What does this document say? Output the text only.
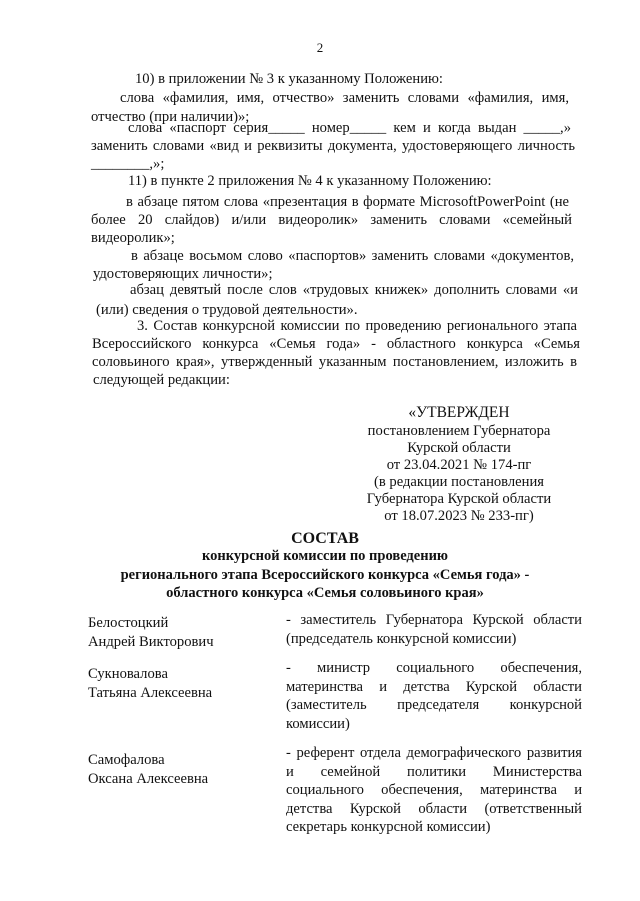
2
10) в приложении № 3 к указанному Положению:
слова «фамилия, имя, отчество» заменить словами «фамилия, имя,
отчество (при наличии)»;
слова «паспорт серия_____ номер_____ кем и когда выдан _____,»
заменить словами «вид и реквизиты документа, удостоверяющего личность
________,»;
11) в пункте 2 приложения № 4 к указанному Положению:
в абзаце пятом слова «презентация в формате MicrosoftPowerPoint (не
более 20 слайдов) и/или видеоролик» заменить словами «семейный
видеоролик»;
в абзаце восьмом слово «паспортов» заменить словами «документов,
удостоверяющих личности»;
абзац девятый после слов «трудовых книжек» дополнить словами «и
(или) сведения о трудовой деятельности».
3. Состав конкурсной комиссии по проведению регионального этапа
Всероссийского конкурса «Семья года» - областного конкурса «Семья
соловьиного края», утвержденный указанным постановлением, изложить в
следующей редакции:
«УТВЕРЖДЕН
постановлением Губернатора
Курской области
от 23.04.2021 № 174-пг
(в редакции постановления
Губернатора Курской области
от 18.07.2023 № 233-пг)
СОСТАВ
конкурсной комиссии по проведению
регионального этапа Всероссийского конкурса «Семья года» -
областного конкурса «Семья соловьиного края»
Белостоцкий
Андрей Викторович
- заместитель Губернатора Курской области (председатель конкурсной комиссии)
Сукновалова
Татьяна Алексеевна
- министр социального обеспечения, материнства и детства Курской области (заместитель председателя конкурсной комиссии)
Самофалова
Оксана Алексеевна
- референт отдела демографического развития и семейной политики Министерства социального обеспечения, материнства и детства Курской области (ответственный секретарь конкурсной комиссии)
